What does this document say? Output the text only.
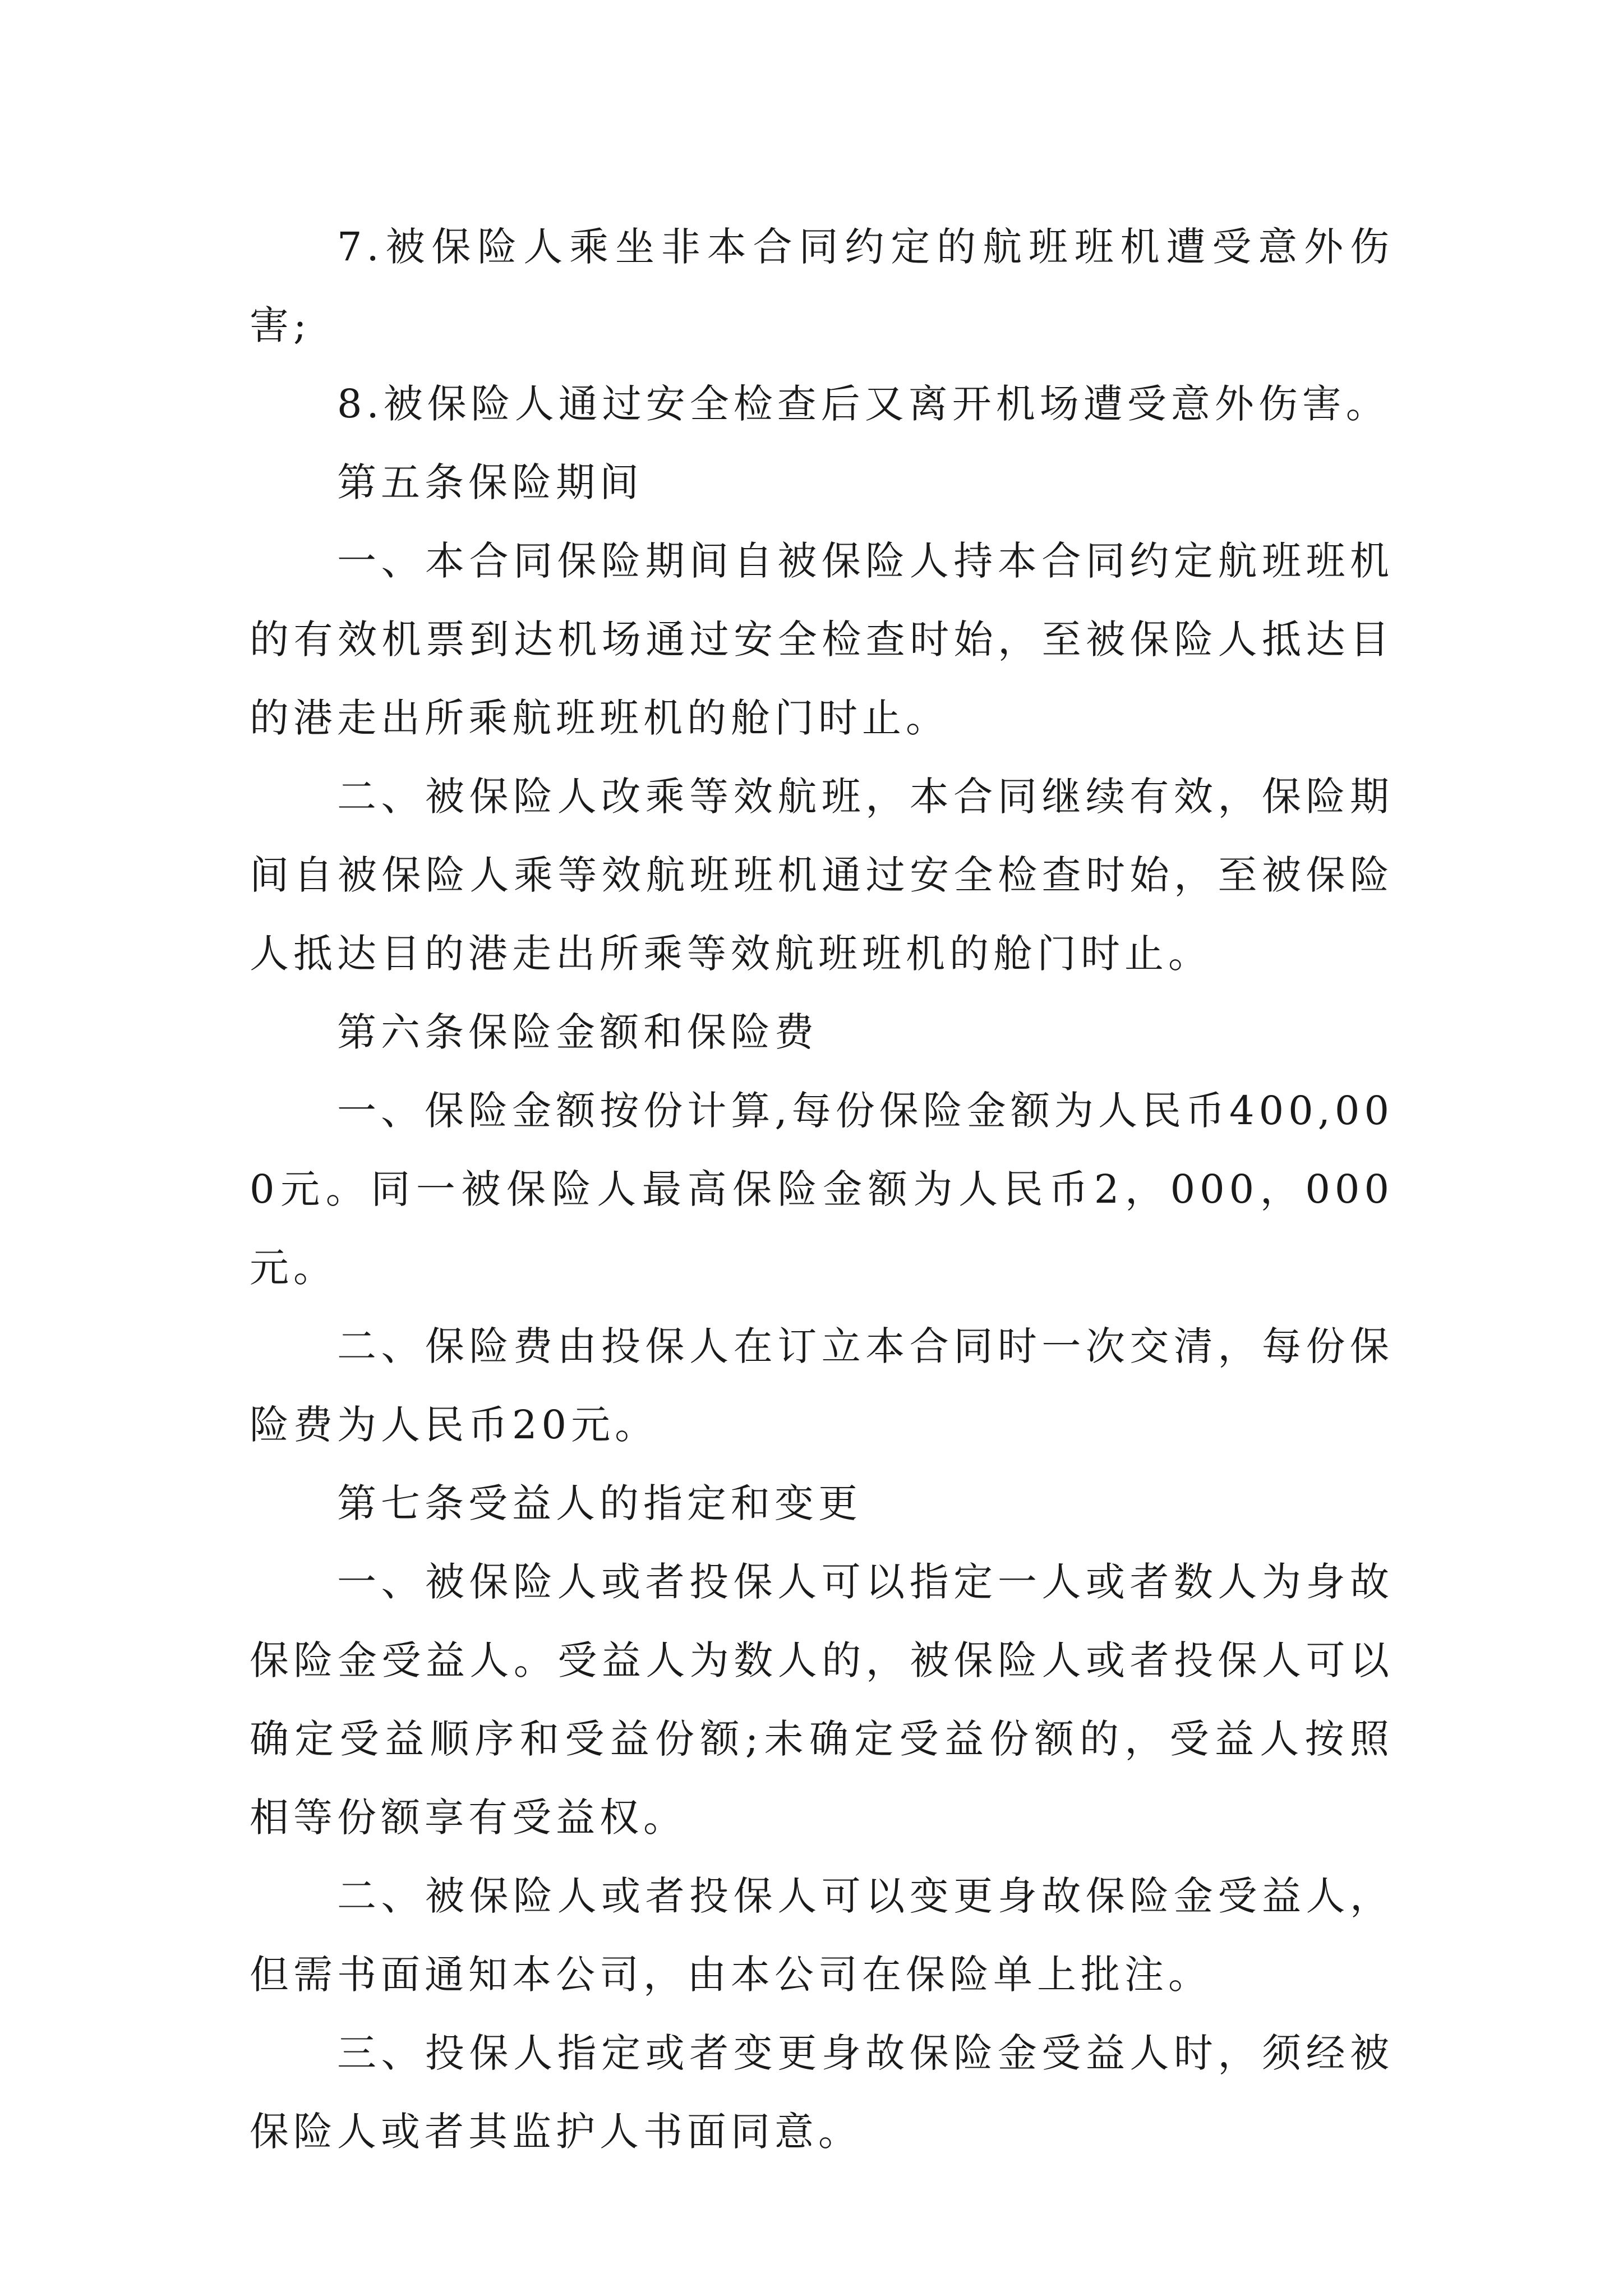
7.被保险人乘坐非本合同约定的航班班机遭受意外伤害;

8.被保险人通过安全检查后又离开机场遭受意外伤害。

第五条保险期间

一、本合同保险期间自被保险人持本合同约定航班班机的有效机票到达机场通过安全检查时始，至被保险人抵达目的港走出所乘航班班机的舱门时止。

二、被保险人改乘等效航班，本合同继续有效，保险期间自被保险人乘等效航班班机通过安全检查时始，至被保险人抵达目的港走出所乘等效航班班机的舱门时止。

第六条保险金额和保险费

一、保险金额按份计算,每份保险金额为人民币400,000元。同一被保险人最高保险金额为人民币2，000，000元。

二、保险费由投保人在订立本合同时一次交清，每份保险费为人民币20元。

第七条受益人的指定和变更

一、被保险人或者投保人可以指定一人或者数人为身故保险金受益人。受益人为数人的，被保险人或者投保人可以确定受益顺序和受益份额;未确定受益份额的，受益人按照相等份额享有受益权。

二、被保险人或者投保人可以变更身故保险金受益人，但需书面通知本公司，由本公司在保险单上批注。

三、投保人指定或者变更身故保险金受益人时，须经被保险人或者其监护人书面同意。
